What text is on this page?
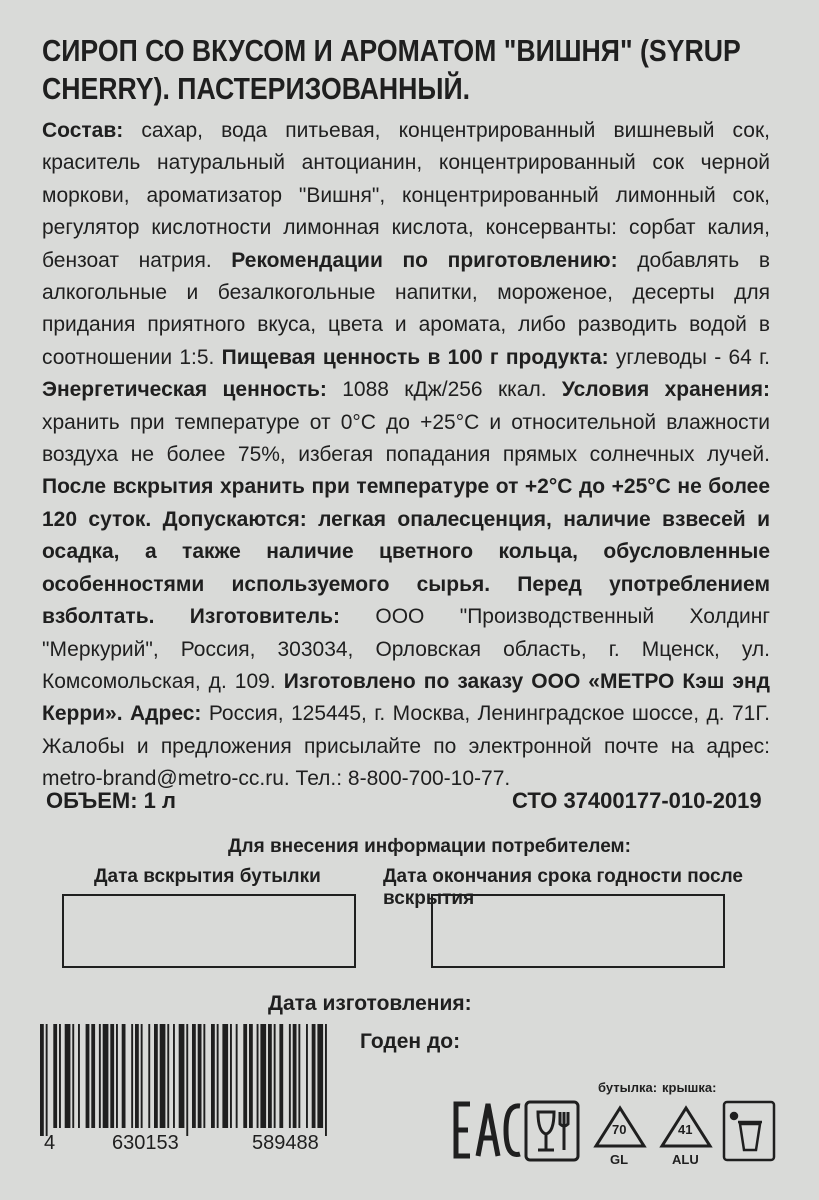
СИРОП СО ВКУСОМ И АРОМАТОМ "ВИШНЯ" (SYRUP
CHERRY). ПАСТЕРИЗОВАННЫЙ.
Состав: сахар, вода питьевая, концентрированный вишневый сок, краситель натуральный антоцианин, концентрированный сок черной моркови, ароматизатор "Вишня", концентрированный лимонный сок, регулятор кислотности лимонная кислота, консерванты: сорбат калия, бензоат натрия. Рекомендации по приготовлению: добавлять в алкогольные и безалкогольные напитки, мороженое, десерты для придания приятного вкуса, цвета и аромата, либо разводить водой в соотношении 1:5. Пищевая ценность в 100 г продукта: углеводы - 64 г. Энергетическая ценность: 1088 кДж/256 ккал. Условия хранения: хранить при температуре от 0°С до +25°С и относительной влажности воздуха не более 75%, избегая попадания прямых солнечных лучей. После вскрытия хранить при температуре от +2°С до +25°С не более 120 суток. Допускаются: легкая опалесценция, наличие взвесей и осадка, а также наличие цветного кольца, обусловленные особенностями используемого сырья. Перед употреблением взболтать. Изготовитель: ООО "Производственный Холдинг "Меркурий", Россия, 303034, Орловская область, г. Мценск, ул. Комсомольская, д. 109. Изготовлено по заказу ООО «МЕТРО Кэш энд Керри». Адрес: Россия, 125445, г. Москва, Ленинградское шоссе, д. 71Г. Жалобы и предложения присылайте по электронной почте на адрес: metro-brand@metro-cc.ru. Тел.: 8-800-700-10-77.
ОБЪЕМ: 1 л	СТО 37400177-010-2019
Для внесения информации потребителем:
Дата вскрытия бутылки	Дата окончания срока годности после вскрытия
Дата изготовления:
Годен до:
4	630153	589488
бутылка: крышка:
70	41
GL	ALU
